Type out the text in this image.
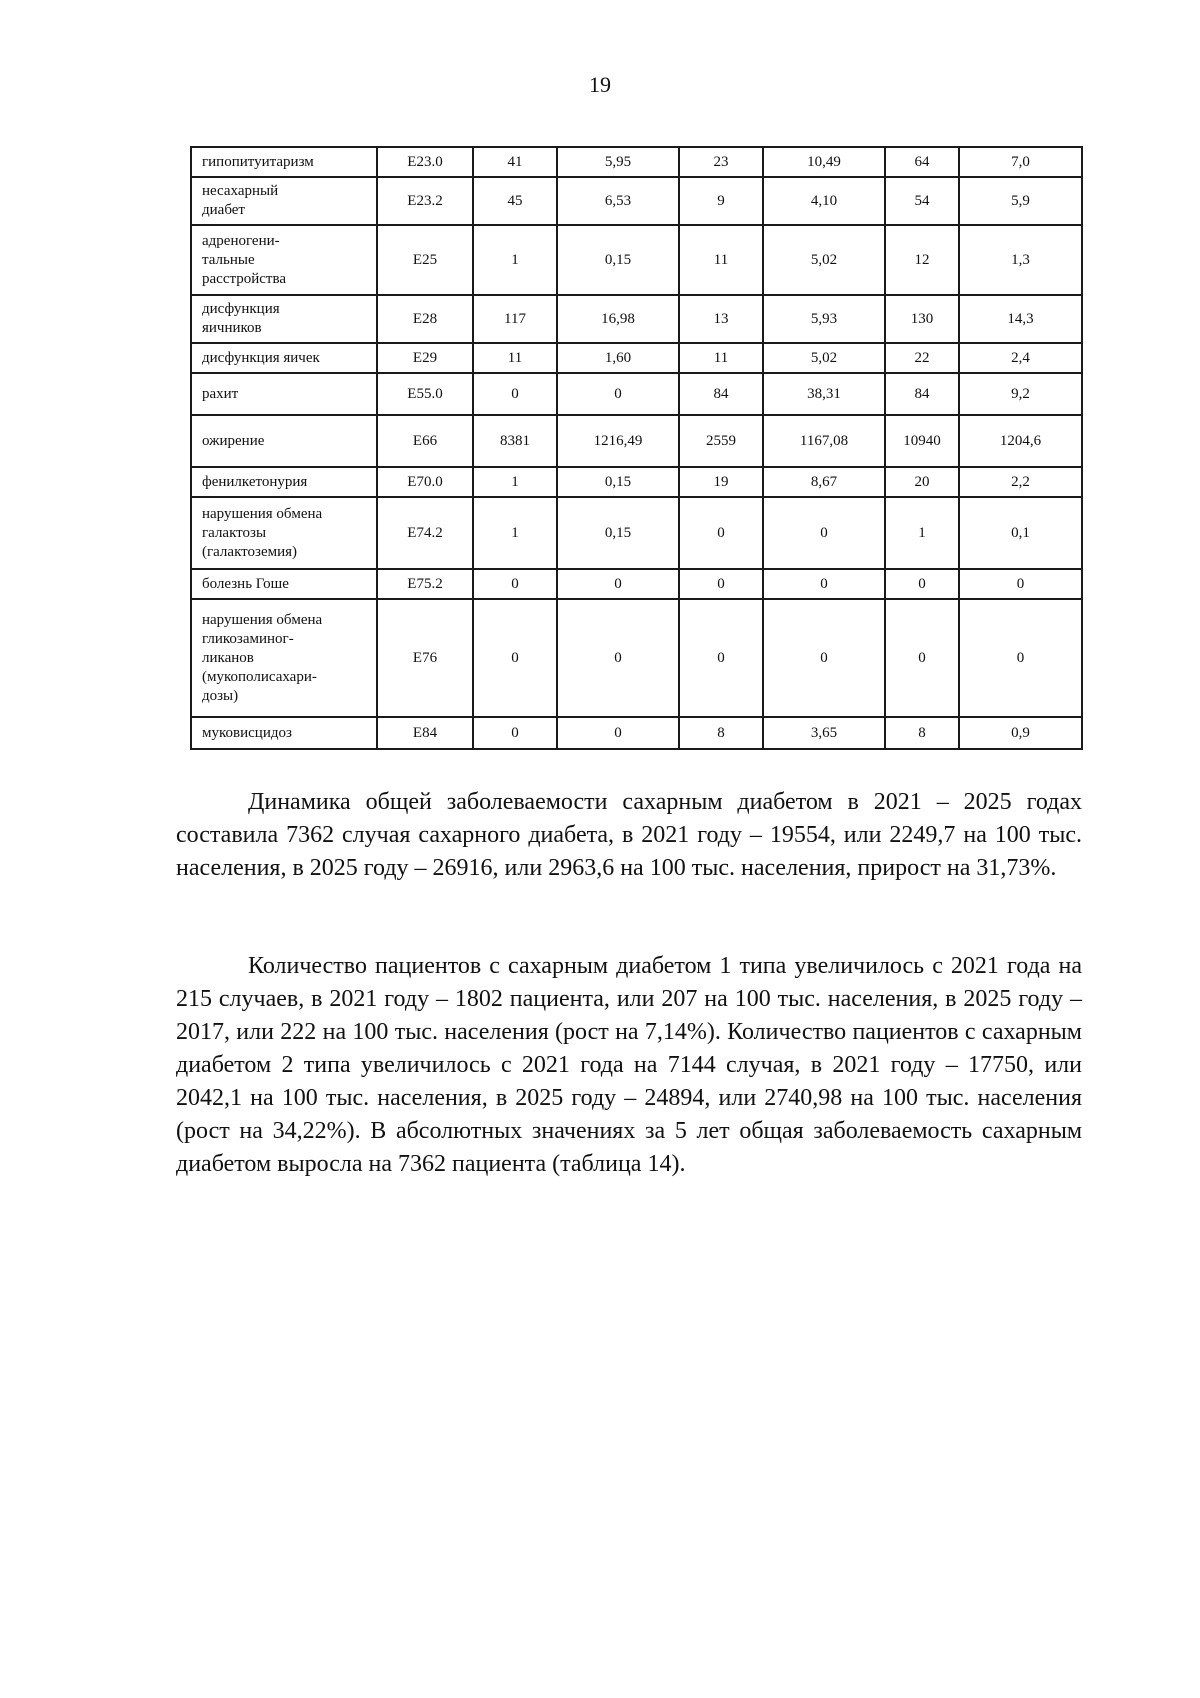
19
гипопитуитаризм	E23.0	41	5,95	23	10,49	64	7,0
несахарный
диабет	E23.2	45	6,53	9	4,10	54	5,9
адреногени-
тальные
расстройства	E25	1	0,15	11	5,02	12	1,3
дисфункция
яичников	E28	117	16,98	13	5,93	130	14,3
дисфункция яичек	E29	11	1,60	11	5,02	22	2,4
рахит	E55.0	0	0	84	38,31	84	9,2
ожирение	E66	8381	1216,49	2559	1167,08	10940	1204,6
фенилкетонурия	E70.0	1	0,15	19	8,67	20	2,2
нарушения обмена
галактозы
(галактоземия)	E74.2	1	0,15	0	0	1	0,1
болезнь Гоше	E75.2	0	0	0	0	0	0
нарушения обмена
гликозаминог-
ликанов
(мукополисахари-
дозы)	E76	0	0	0	0	0	0
муковисцидоз	E84	0	0	8	3,65	8	0,9

Динамика общей заболеваемости сахарным диабетом в 2021 – 2025 годах составила 7362 случая сахарного диабета, в 2021 году – 19554, или 2249,7 на 100 тыс. населения, в 2025 году – 26916, или 2963,6 на 100 тыс. населения, прирост на 31,73%.

Количество пациентов с сахарным диабетом 1 типа увеличилось с 2021 года на 215 случаев, в 2021 году – 1802 пациента, или 207 на 100 тыс. населения, в 2025 году – 2017, или 222 на 100 тыс. населения (рост на 7,14%). Количество пациентов с сахарным диабетом 2 типа увеличилось с 2021 года на 7144 случая, в 2021 году – 17750, или 2042,1 на 100 тыс. населения, в 2025 году – 24894, или 2740,98 на 100 тыс. населения (рост на 34,22%). В абсолютных значениях за 5 лет общая заболеваемость сахарным диабетом выросла на 7362 пациента (таблица 14).
